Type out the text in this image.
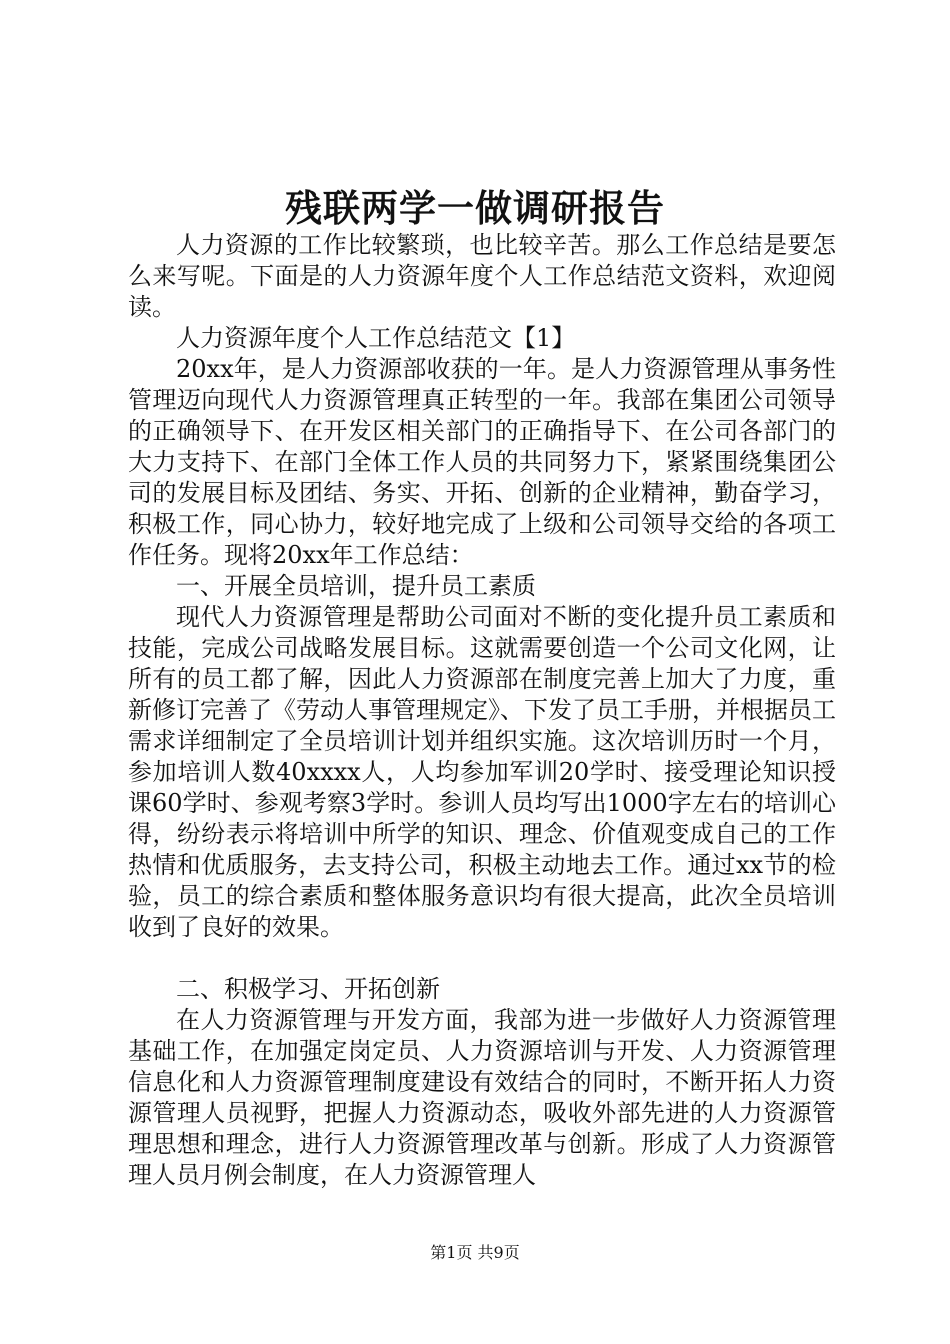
残联两学一做调研报告

人力资源的工作比较繁琐，也比较辛苦。那么工作总结是要怎么来写呢。下面是的人力资源年度个人工作总结范文资料，欢迎阅读。

人力资源年度个人工作总结范文【1】

20xx年，是人力资源部收获的一年。是人力资源管理从事务性管理迈向现代人力资源管理真正转型的一年。我部在集团公司领导的正确领导下、在开发区相关部门的正确指导下、在公司各部门的大力支持下、在部门全体工作人员的共同努力下，紧紧围绕集团公司的发展目标及团结、务实、开拓、创新的企业精神，勤奋学习，积极工作，同心协力，较好地完成了上级和公司领导交给的各项工作任务。现将20xx年工作总结：

一、开展全员培训，提升员工素质

现代人力资源管理是帮助公司面对不断的变化提升员工素质和技能，完成公司战略发展目标。这就需要创造一个公司文化网，让所有的员工都了解，因此人力资源部在制度完善上加大了力度，重新修订完善了《劳动人事管理规定》、下发了员工手册，并根据员工需求详细制定了全员培训计划并组织实施。这次培训历时一个月，参加培训人数40xxxx人，人均参加军训20学时、接受理论知识授课60学时、参观考察3学时。参训人员均写出1000字左右的培训心得，纷纷表示将培训中所学的知识、理念、价值观变成自己的工作热情和优质服务，去支持公司，积极主动地去工作。通过xx节的检验，员工的综合素质和整体服务意识均有很大提高，此次全员培训收到了良好的效果。

二、积极学习、开拓创新

在人力资源管理与开发方面，我部为进一步做好人力资源管理基础工作，在加强定岗定员、人力资源培训与开发、人力资源管理信息化和人力资源管理制度建设有效结合的同时，不断开拓人力资源管理人员视野，把握人力资源动态，吸收外部先进的人力资源管理思想和理念，进行人力资源管理改革与创新。形成了人力资源管理人员月例会制度，在人力资源管理人

第1页 共9页
